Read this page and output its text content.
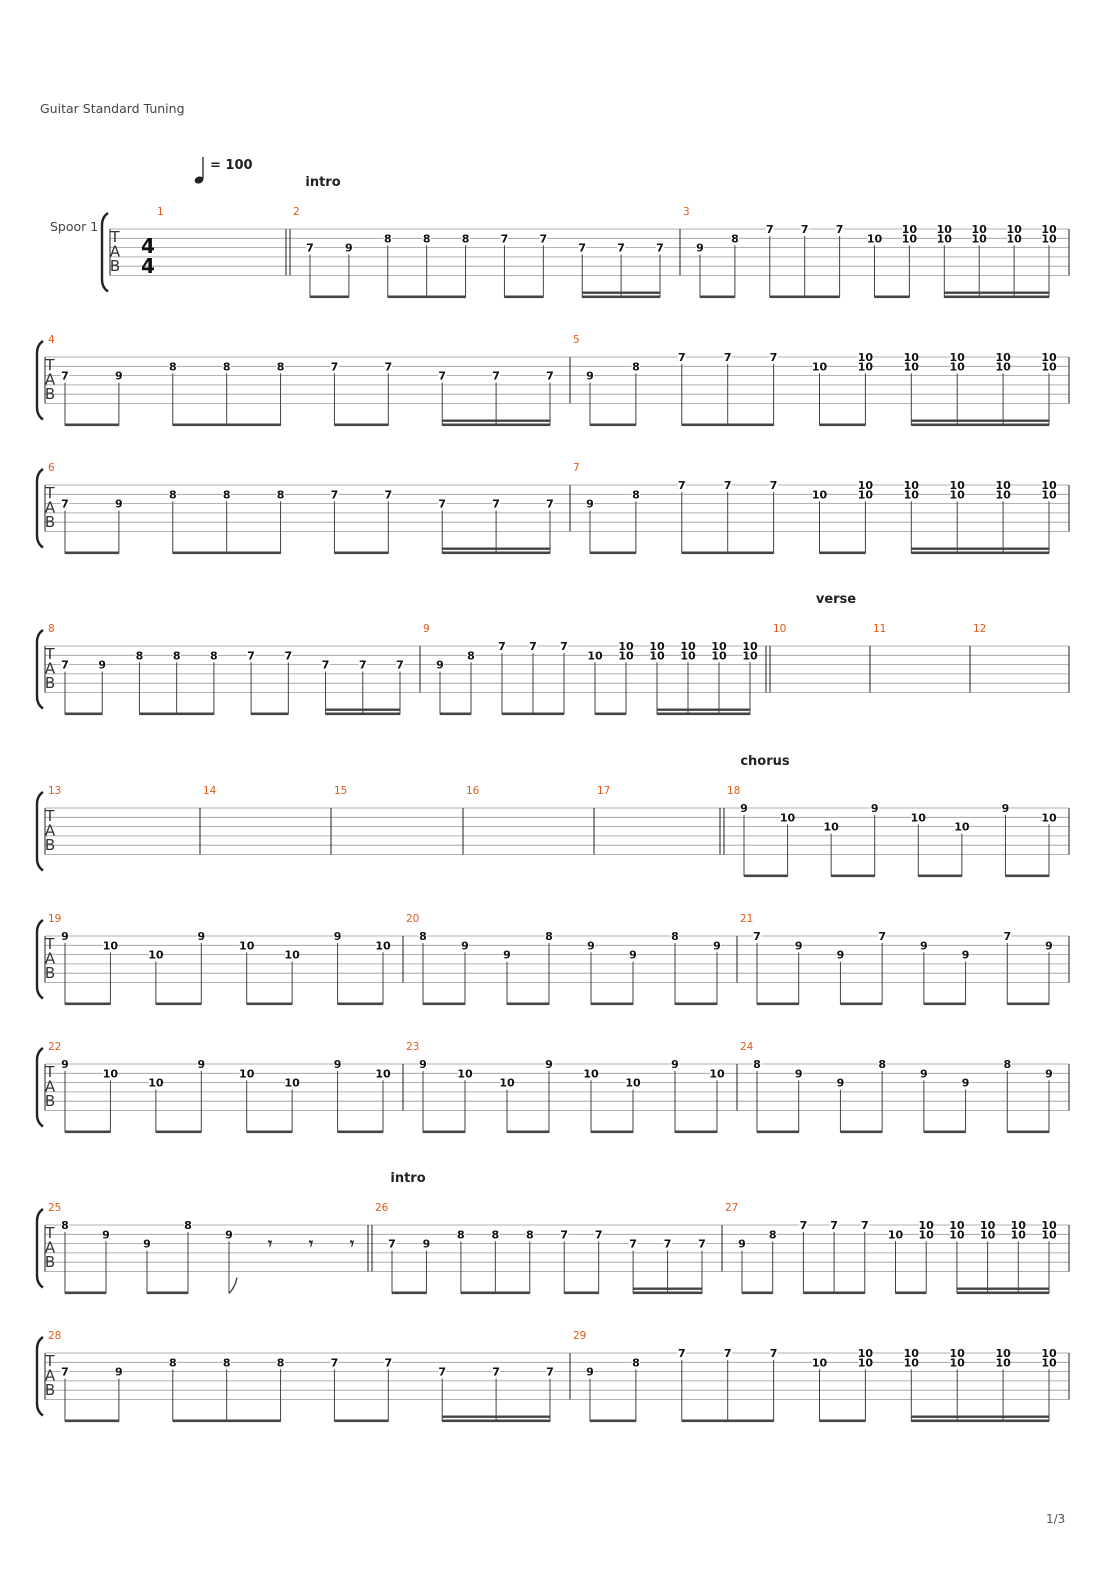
Guitar Standard Tuning
= 100
Spoor 1
T
A
B
4
4
1	2
intro
7	9
8	8	8	7	7
7	7	7
3
9
8
7 7 7
10
10
10
10
10
10
10
10
10
10
10
T
A
B
4
7	9
8	8	8	7	7
7	7	7
5
9
8
7	7	7
10
10
10
10
10
10
10
10
10
10
10
T
A
B
6
7	9
8	8	8	7	7
7	7	7
7
9
8
7	7	7
10
10
10
10
10
10
10
10
10
10
10
T
A
B
8
7	9
8	8	8	7	7
7	7	7
9
9
8
7 7 7
10
10
10
10
10
10
10
10
10
10
10
10
verse
11	12
T
A
B
13	14	15	16	17	18
chorus
9
10
10
9
10
10
9
10
T
A
B
19
9
10
10
9
10
10
9
10
20
8
9
9
8
9
9
8
9
21
7
9
9
7
9
9
7
9
T
A
B
22
9
10
10
9
10
10
9
10
23
9
10
10
9
10
10
9
10
24
8
9
9
8
9
9
8
9
T
A
B
25
8
9
9
8
9 𝄾 𝄾 𝄾
26
intro
7 9
8 8 8 7 7
7 7 7
27
9
8
7 7 7
10
10
10
10
10
10
10
10
10
10
10
T
A
B
28
7	9
8	8	8	7	7
7	7	7
29
9
8
7	7	7
10
10
10
10
10
10
10
10
10
10
10
1/3
